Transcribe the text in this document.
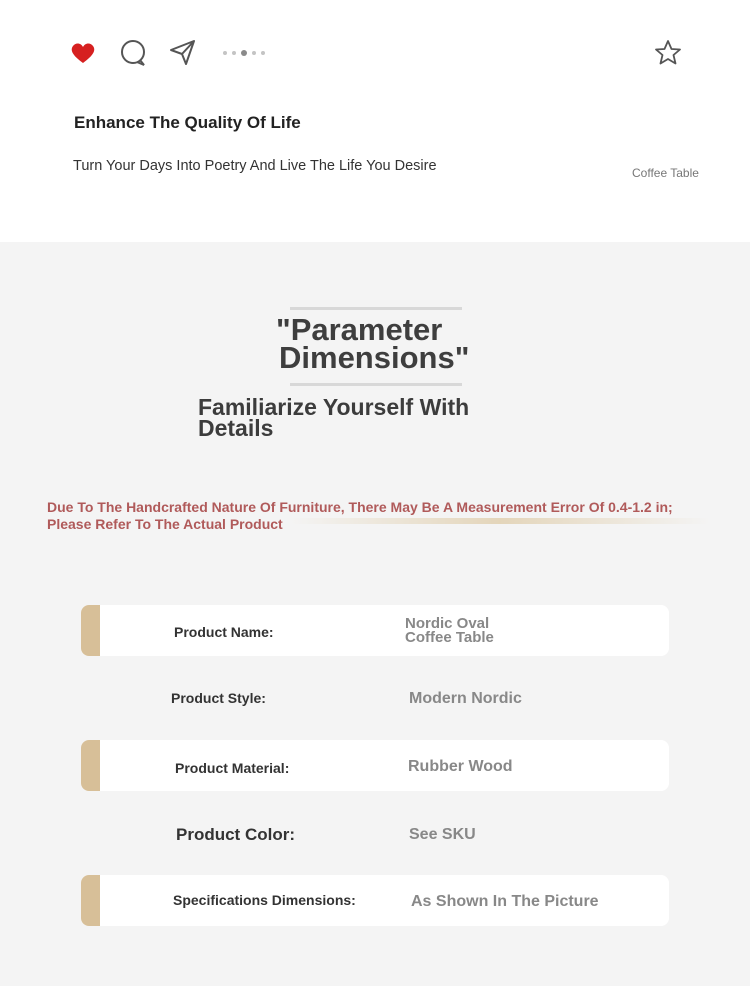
Enhance The Quality Of Life
Turn Your Days Into Poetry And Live The Life You Desire	Coffee Table
"Parameter
Dimensions"
Familiarize Yourself With Details
Due To The Handcrafted Nature Of Furniture, There May Be A Measurement Error Of 0.4-1.2 in; Please Refer To The Actual Product
Product Name:	Nordic Oval
Coffee Table
Product Style:	Modern Nordic
Product Material:	Rubber Wood
Product Color:	See SKU
Specifications Dimensions:	As Shown In The Picture
